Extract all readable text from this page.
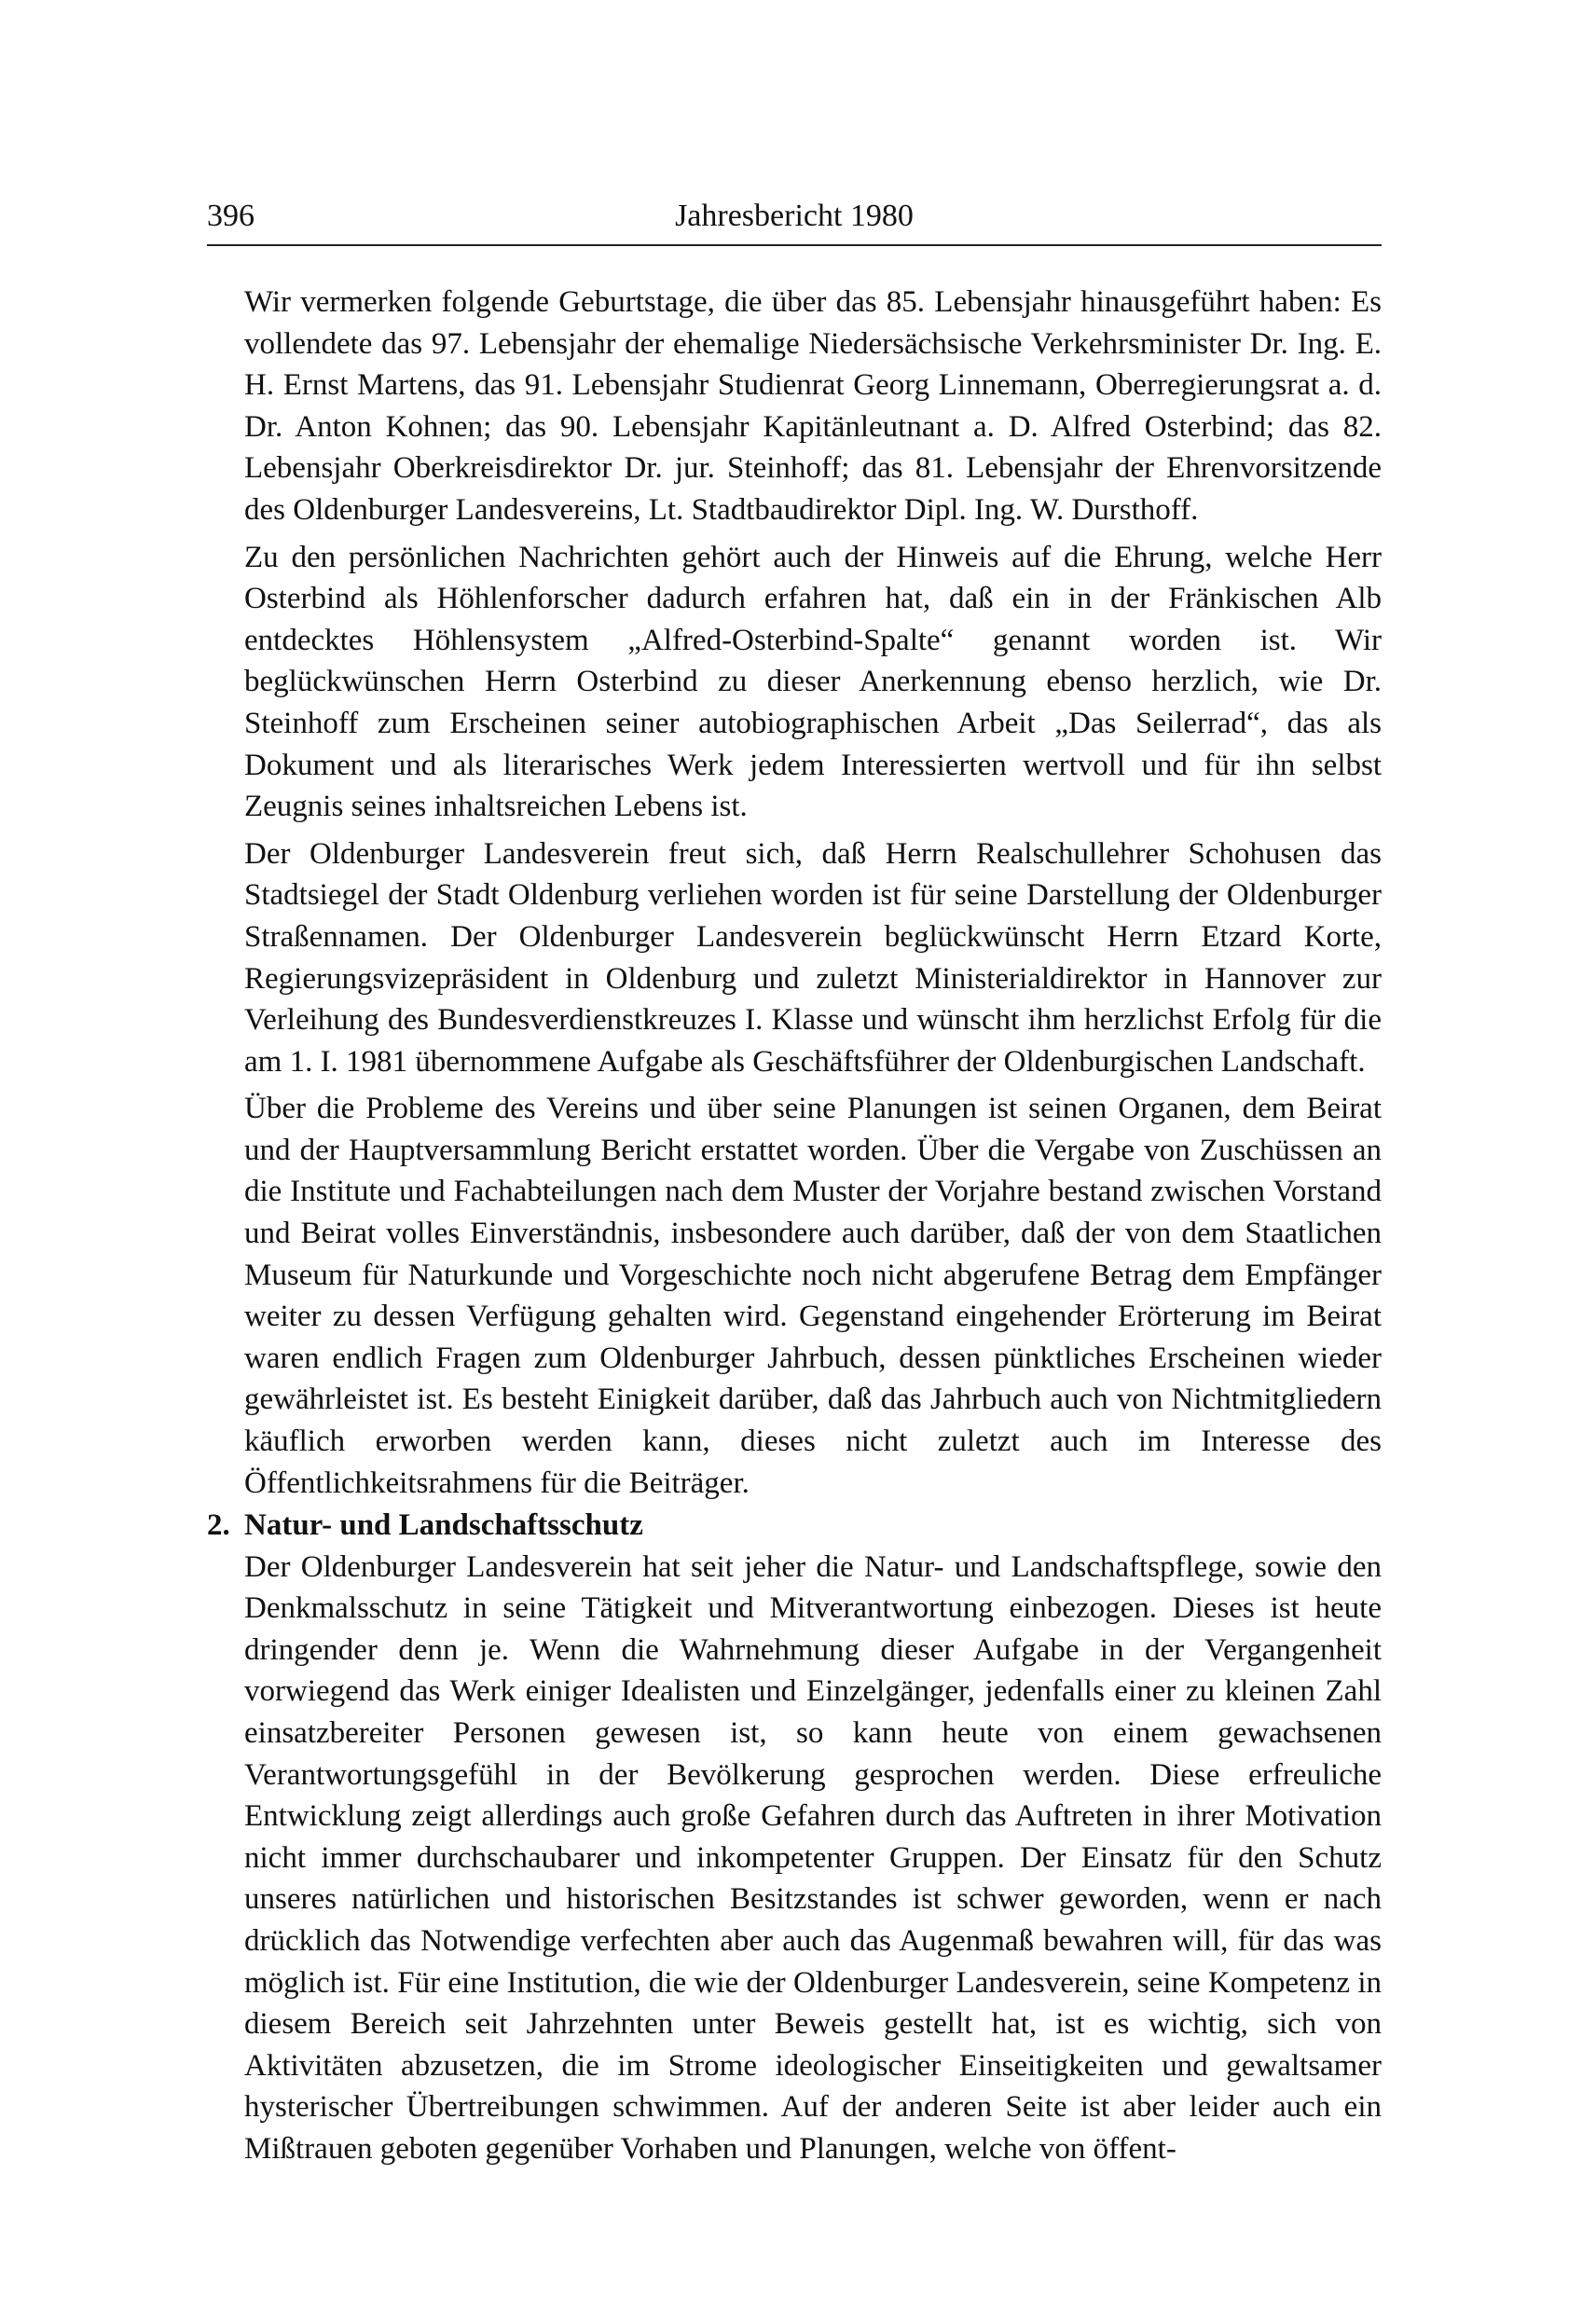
396	Jahresbericht 1980

Wir vermerken folgende Geburtstage, die über das 85. Lebensjahr hinausgeführt haben: Es vollendete das 97. Lebensjahr der ehemalige Niedersächsische Verkehrsminister Dr. Ing. E. H. Ernst Martens, das 91. Lebensjahr Studienrat Georg Linnemann, Oberregierungsrat a. d. Dr. Anton Kohnen; das 90. Lebensjahr Kapitänleutnant a. D. Alfred Osterbind; das 82. Lebensjahr Oberkreisdirektor Dr. jur. Steinhoff; das 81. Lebensjahr der Ehrenvorsitzende des Oldenburger Landesvereins, Lt. Stadtbaudirektor Dipl. Ing. W. Dursthoff.

Zu den persönlichen Nachrichten gehört auch der Hinweis auf die Ehrung, welche Herr Osterbind als Höhlenforscher dadurch erfahren hat, daß ein in der Fränkischen Alb entdecktes Höhlensystem „Alfred-Osterbind-Spalte“ genannt worden ist. Wir beglückwünschen Herrn Osterbind zu dieser Anerkennung ebenso herzlich, wie Dr. Steinhoff zum Erscheinen seiner autobiographischen Arbeit „Das Seilerrad“, das als Dokument und als literarisches Werk jedem Interessierten wertvoll und für ihn selbst Zeugnis seines inhaltsreichen Lebens ist.

Der Oldenburger Landesverein freut sich, daß Herrn Realschullehrer Schohusen das Stadtsiegel der Stadt Oldenburg verliehen worden ist für seine Darstellung der Oldenburger Straßennamen. Der Oldenburger Landesverein beglückwünscht Herrn Etzard Korte, Regierungsvizepräsident in Oldenburg und zuletzt Ministerialdirektor in Hannover zur Verleihung des Bundesverdienstkreuzes I. Klasse und wünscht ihm herzlichst Erfolg für die am 1. I. 1981 übernommene Aufgabe als Geschäftsführer der Oldenburgischen Landschaft.

Über die Probleme des Vereins und über seine Planungen ist seinen Organen, dem Beirat und der Hauptversammlung Bericht erstattet worden. Über die Vergabe von Zuschüssen an die Institute und Fachabteilungen nach dem Muster der Vorjahre bestand zwischen Vorstand und Beirat volles Einverständnis, insbesondere auch darüber, daß der von dem Staatlichen Museum für Naturkunde und Vorgeschichte noch nicht abgerufene Betrag dem Empfänger weiter zu dessen Verfügung gehalten wird. Gegenstand eingehender Erörterung im Beirat waren endlich Fragen zum Oldenburger Jahrbuch, dessen pünktliches Erscheinen wieder gewährleistet ist. Es besteht Einigkeit darüber, daß das Jahrbuch auch von Nichtmitgliedern käuflich erworben werden kann, dieses nicht zuletzt auch im Interesse des Öffentlichkeitsrahmens für die Beiträger.

2. Natur- und Landschaftsschutz

Der Oldenburger Landesverein hat seit jeher die Natur- und Landschaftspflege, sowie den Denkmalsschutz in seine Tätigkeit und Mitverantwortung einbezogen. Dieses ist heute dringender denn je. Wenn die Wahrnehmung dieser Aufgabe in der Vergangenheit vorwiegend das Werk einiger Idealisten und Einzelgänger, jedenfalls einer zu kleinen Zahl einsatzbereiter Personen gewesen ist, so kann heute von einem gewachsenen Verantwortungsgefühl in der Bevölkerung gesprochen werden. Diese erfreuliche Entwicklung zeigt allerdings auch große Gefahren durch das Auftreten in ihrer Motivation nicht immer durchschaubarer und inkompetenter Gruppen. Der Einsatz für den Schutz unseres natürlichen und historischen Besitzstandes ist schwer geworden, wenn er nach drücklich das Notwendige verfechten aber auch das Augenmaß bewahren will, für das was möglich ist. Für eine Institution, die wie der Oldenburger Landesverein, seine Kompetenz in diesem Bereich seit Jahrzehnten unter Beweis gestellt hat, ist es wichtig, sich von Aktivitäten abzusetzen, die im Strome ideologischer Einseitigkeiten und gewaltsamer hysterischer Übertreibungen schwimmen. Auf der anderen Seite ist aber leider auch ein Mißtrauen geboten gegenüber Vorhaben und Planungen, welche von öffent-
